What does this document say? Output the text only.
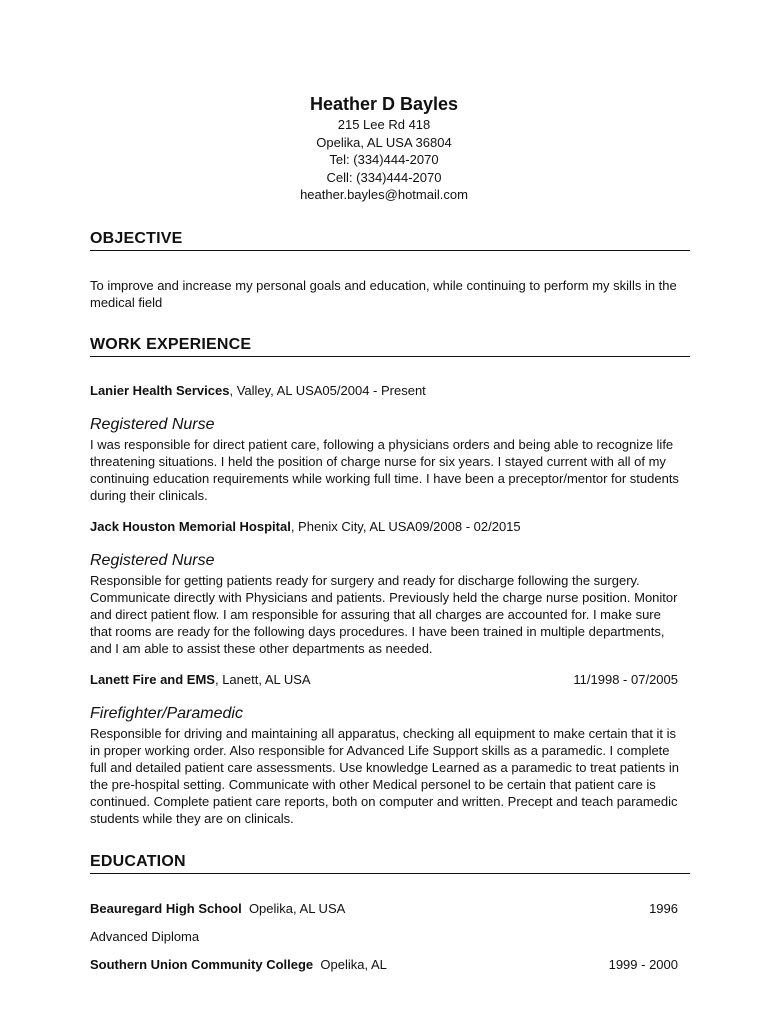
Heather D Bayles

215 Lee Rd 418

Opelika, AL USA 36804

Tel: (334)444-2070

Cell: (334)444-2070

heather.bayles@hotmail.com

OBJECTIVE

To improve and increase my personal goals and education, while continuing to perform my skills in the medical field

WORK EXPERIENCE
Lanier Health Services, Valley, AL USA05/2004 - Present
Registered Nurse

I was responsible for direct patient care, following a physicians orders and being able to recognize life threatening situations. I held the position of charge nurse for six years. I stayed current with all of my continuing education requirements while working full time. I have been a preceptor/mentor for students during their clinicals.

Jack Houston Memorial Hospital, Phenix City, AL USA09/2008 - 02/2015
Registered Nurse

Responsible for getting patients ready for surgery and ready for discharge following the surgery. Communicate directly with Physicians and patients. Previously held the charge nurse position. Monitor and direct patient flow. I am responsible for assuring that all charges are accounted for. I make sure that rooms are ready for the following days procedures. I have been trained in multiple departments, and I am able to assist these other departments as needed.

Lanett Fire and EMS, Lanett, AL USA	11/1998 - 07/2005
Firefighter/Paramedic

Responsible for driving and maintaining all apparatus, checking all equipment to make certain that it is in proper working order. Also responsible for Advanced Life Support skills as a paramedic. I complete full and detailed patient care assessments. Use knowledge Learned as a paramedic to treat patients in the pre-hospital setting. Communicate with other Medical personel to be certain that patient care is continued. Complete patient care reports, both on computer and written. Precept and teach paramedic students while they are on clinicals.

EDUCATION
Beauregard High School Opelika, AL USA	1996
Advanced Diploma
Southern Union Community College Opelika, AL	1999 - 2000
